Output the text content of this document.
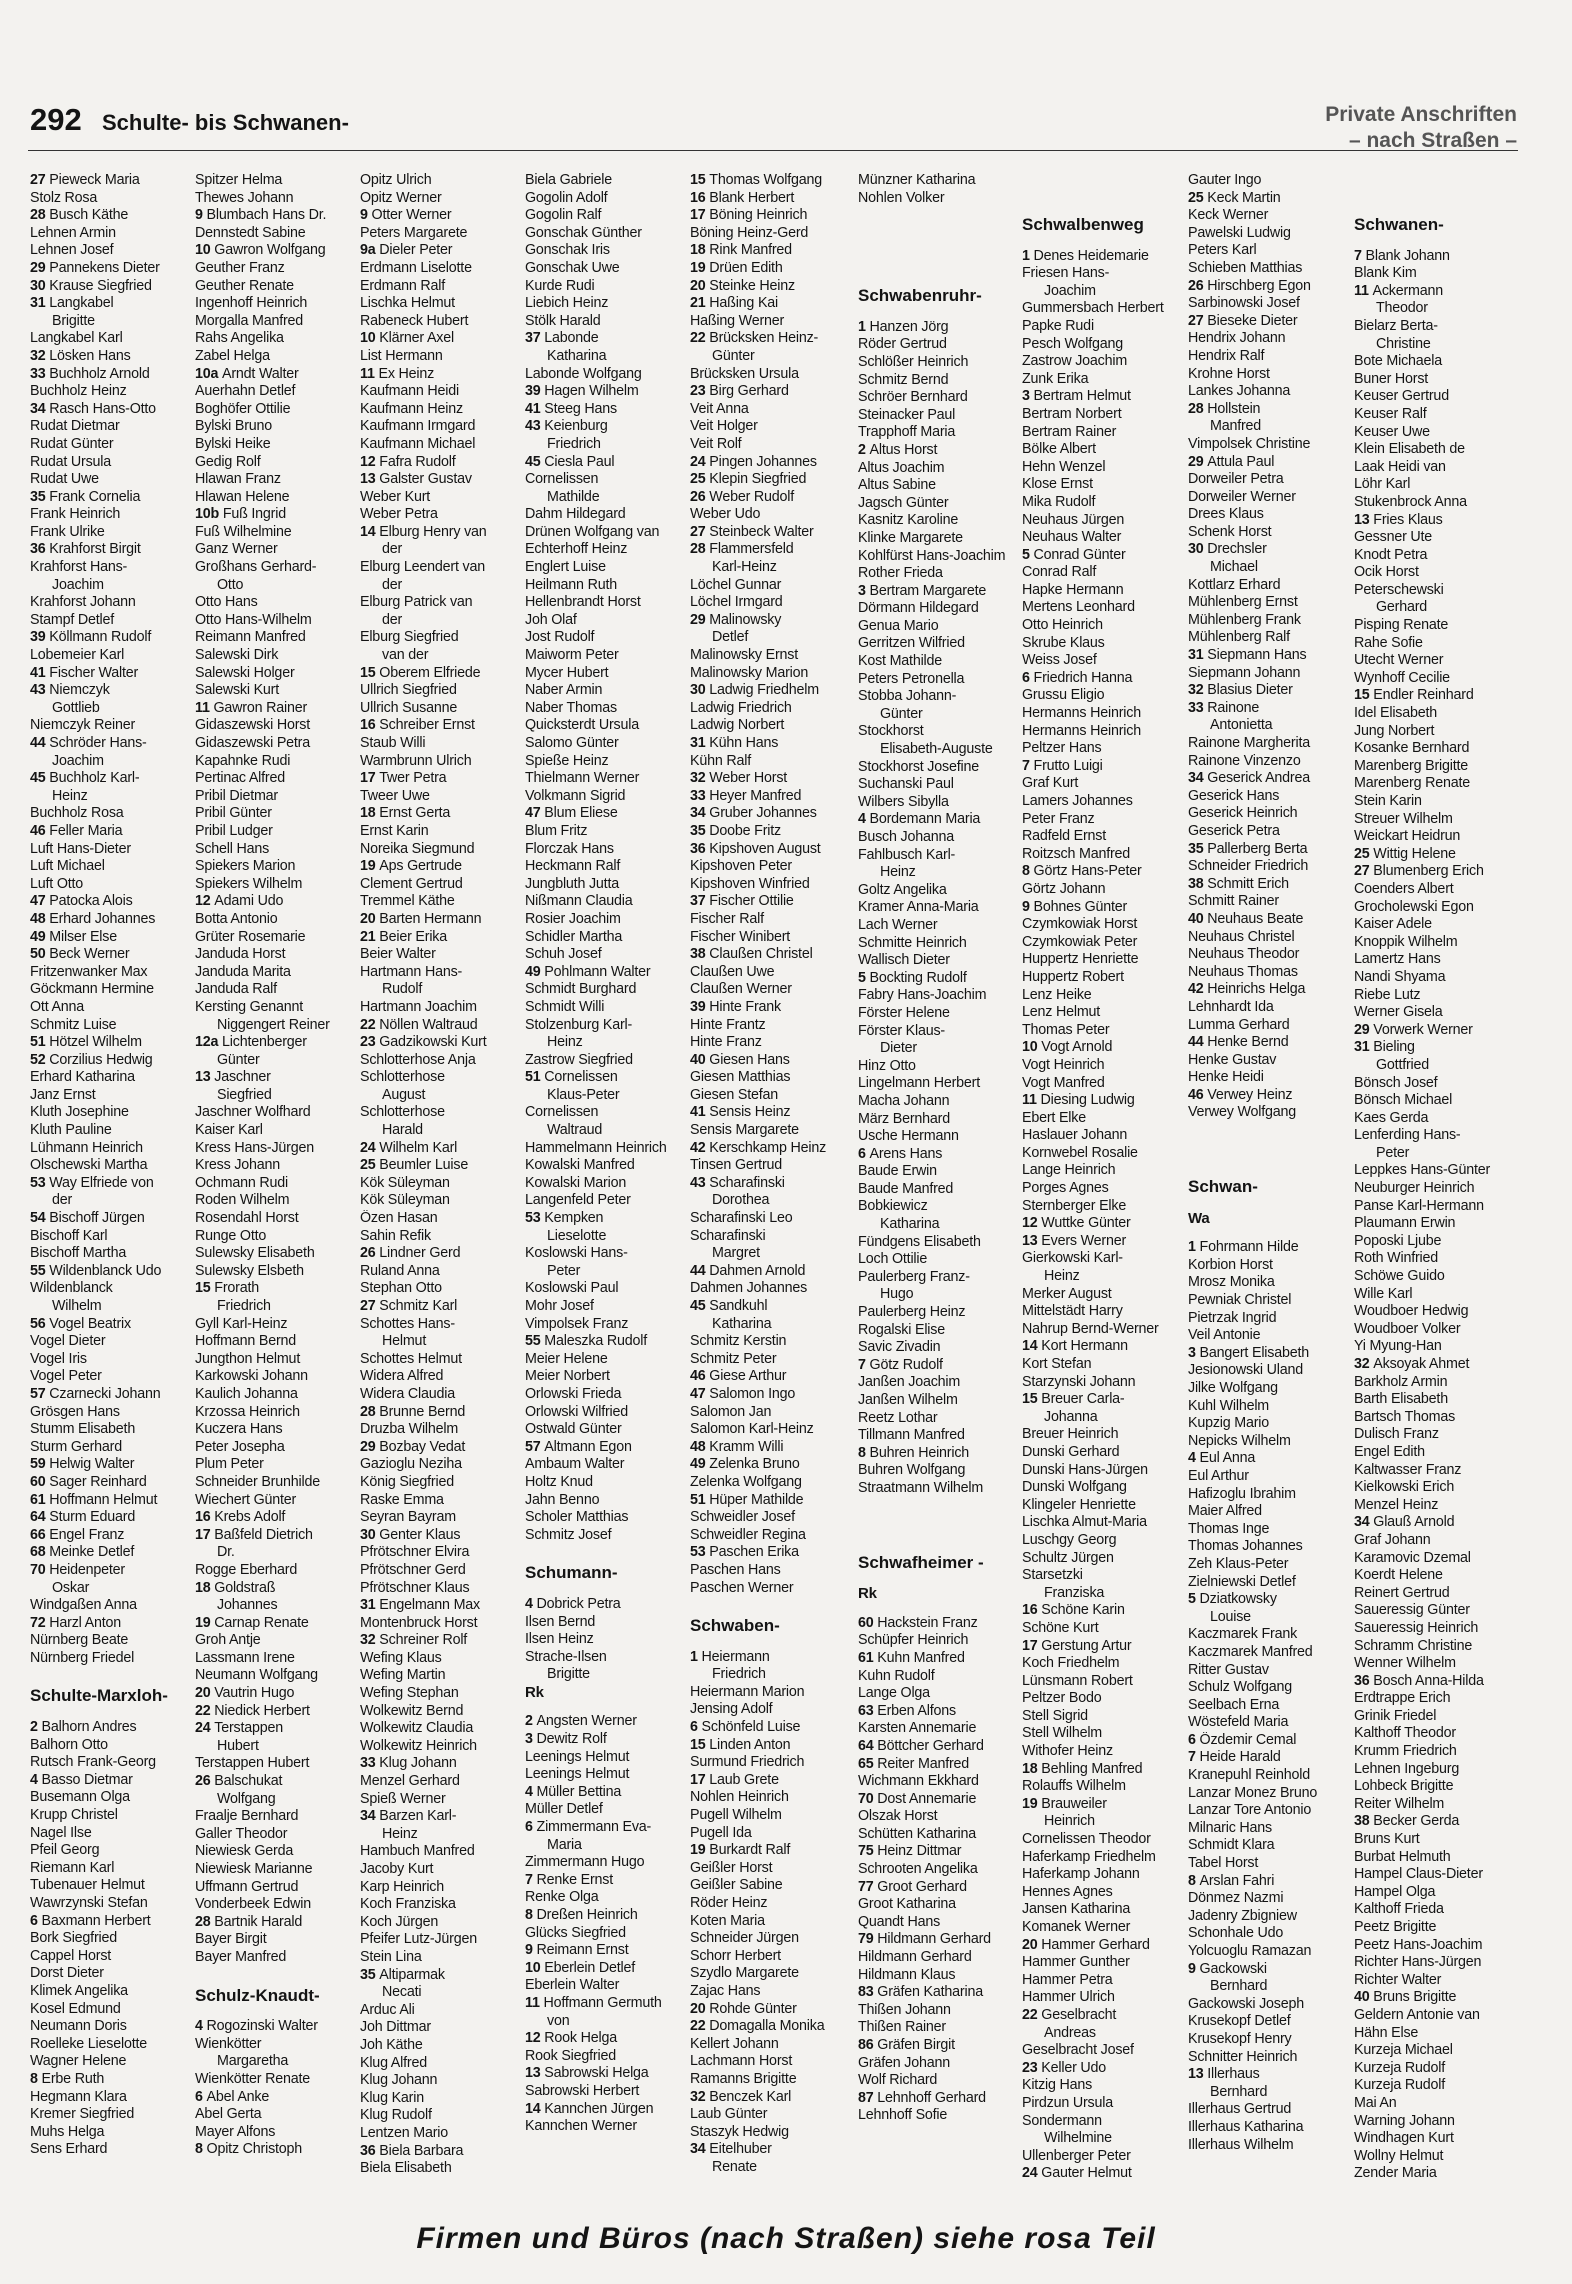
292 Schulte- bis Schwanen-	Private Anschriften
– nach Straßen –
27 Pieweck Maria
Stolz Rosa
28 Busch Käthe
Lehnen Armin
Lehnen Josef
29 Pannekens Dieter
30 Krause Siegfried
31 Langkabel
Brigitte
Langkabel Karl
32 Lösken Hans
33 Buchholz Arnold
Buchholz Heinz
34 Rasch Hans-Otto
Rudat Dietmar
Rudat Günter
Rudat Ursula
Rudat Uwe
35 Frank Cornelia
Frank Heinrich
Frank Ulrike
36 Krahforst Birgit
Krahforst Hans-
Joachim
Krahforst Johann
Stampf Detlef
39 Köllmann Rudolf
Lobemeier Karl
41 Fischer Walter
43 Niemczyk
Gottlieb
Niemczyk Reiner
44 Schröder Hans-
Joachim
45 Buchholz Karl-
Heinz
Buchholz Rosa
46 Feller Maria
Luft Hans-Dieter
Luft Michael
Luft Otto
47 Patocka Alois
48 Erhard Johannes
49 Milser Else
50 Beck Werner
Fritzenwanker Max
Göckmann Hermine
Ott Anna
Schmitz Luise
51 Hötzel Wilhelm
52 Corzilius Hedwig
Erhard Katharina
Janz Ernst
Kluth Josephine
Kluth Pauline
Lühmann Heinrich
Olschewski Martha
53 Way Elfriede von
der
54 Bischoff Jürgen
Bischoff Karl
Bischoff Martha
55 Wildenblanck Udo
Wildenblanck
Wilhelm
56 Vogel Beatrix
Vogel Dieter
Vogel Iris
Vogel Peter
57 Czarnecki Johann
Grösgen Hans
Stumm Elisabeth
Sturm Gerhard
59 Helwig Walter
60 Sager Reinhard
61 Hoffmann Helmut
64 Sturm Eduard
66 Engel Franz
68 Meinke Detlef
70 Heidenpeter
Oskar
Windgaßen Anna
72 Harzl Anton
Nürnberg Beate
Nürnberg Friedel
Schulte-Marxloh-
2 Balhorn Andres
Balhorn Otto
Rutsch Frank-Georg
4 Basso Dietmar
Busemann Olga
Krupp Christel
Nagel Ilse
Pfeil Georg
Riemann Karl
Tubenauer Helmut
Wawrzynski Stefan
6 Baxmann Herbert
Bork Siegfried
Cappel Horst
Dorst Dieter
Klimek Angelika
Kosel Edmund
Neumann Doris
Roelleke Lieselotte
Wagner Helene
8 Erbe Ruth
Hegmann Klara
Kremer Siegfried
Muhs Helga
Sens Erhard
Spitzer Helma
Thewes Johann
9 Blumbach Hans Dr.
Dennstedt Sabine
10 Gawron Wolfgang
Geuther Franz
Geuther Renate
Ingenhoff Heinrich
Morgalla Manfred
Rahs Angelika
Zabel Helga
10a Arndt Walter
Auerhahn Detlef
Boghöfer Ottilie
Bylski Bruno
Bylski Heike
Gedig Rolf
Hlawan Franz
Hlawan Helene
10b Fuß Ingrid
Fuß Wilhelmine
Ganz Werner
Großhans Gerhard-
Otto
Otto Hans
Otto Hans-Wilhelm
Reimann Manfred
Salewski Dirk
Salewski Holger
Salewski Kurt
11 Gawron Rainer
Gidaszewski Horst
Gidaszewski Petra
Kapahnke Rudi
Pertinac Alfred
Pribil Dietmar
Pribil Günter
Pribil Ludger
Schell Hans
Spiekers Marion
Spiekers Wilhelm
12 Adami Udo
Botta Antonio
Grüter Rosemarie
Janduda Horst
Janduda Marita
Janduda Ralf
Kersting Genannt
Niggengert Reiner
12a Lichtenberger
Günter
13 Jaschner
Siegfried
Jaschner Wolfhard
Kaiser Karl
Kress Hans-Jürgen
Kress Johann
Ochmann Rudi
Roden Wilhelm
Rosendahl Horst
Runge Otto
Sulewsky Elisabeth
Sulewsky Elsbeth
15 Frorath
Friedrich
Gyll Karl-Heinz
Hoffmann Bernd
Jungthon Helmut
Karkowski Johann
Kaulich Johanna
Krzossa Heinrich
Kuczera Hans
Peter Josepha
Plum Peter
Schneider Brunhilde
Wiechert Günter
16 Krebs Adolf
17 Baßfeld Dietrich
Dr.
Rogge Eberhard
18 Goldstraß
Johannes
19 Carnap Renate
Groh Antje
Lassmann Irene
Neumann Wolfgang
20 Vautrin Hugo
22 Niedick Herbert
24 Terstappen
Hubert
Terstappen Hubert
26 Balschukat
Wolfgang
Fraalje Bernhard
Galler Theodor
Niewiesk Gerda
Niewiesk Marianne
Uffmann Gertrud
Vonderbeek Edwin
28 Bartnik Harald
Bayer Birgit
Bayer Manfred
Schulz-Knaudt-
4 Rogozinski Walter
Wienkötter
Margaretha
Wienkötter Renate
6 Abel Anke
Abel Gerta
Mayer Alfons
8 Opitz Christoph
Opitz Ulrich
Opitz Werner
9 Otter Werner
Peters Margarete
9a Dieler Peter
Erdmann Liselotte
Erdmann Ralf
Lischka Helmut
Rabeneck Hubert
10 Klärner Axel
List Hermann
11 Ex Heinz
Kaufmann Heidi
Kaufmann Heinz
Kaufmann Irmgard
Kaufmann Michael
12 Fafra Rudolf
13 Galster Gustav
Weber Kurt
Weber Petra
14 Elburg Henry van
der
Elburg Leendert van
der
Elburg Patrick van
der
Elburg Siegfried
van der
15 Oberem Elfriede
Ullrich Siegfried
Ullrich Susanne
16 Schreiber Ernst
Staub Willi
Warmbrunn Ulrich
17 Twer Petra
Tweer Uwe
18 Ernst Gerta
Ernst Karin
Noreika Siegmund
19 Aps Gertrude
Clement Gertrud
Tremmel Käthe
20 Barten Hermann
21 Beier Erika
Beier Walter
Hartmann Hans-
Rudolf
Hartmann Joachim
22 Nöllen Waltraud
23 Gadzikowski Kurt
Schlotterhose Anja
Schlotterhose
August
Schlotterhose
Harald
24 Wilhelm Karl
25 Beumler Luise
Kök Süleyman
Kök Süleyman
Özen Hasan
Sahin Refik
26 Lindner Gerd
Ruland Anna
Stephan Otto
27 Schmitz Karl
Schottes Hans-
Helmut
Schottes Helmut
Widera Alfred
Widera Claudia
28 Brunne Bernd
Druzba Wilhelm
29 Bozbay Vedat
Gazioglu Neziha
König Siegfried
Raske Emma
Seyran Bayram
30 Genter Klaus
Pfrötschner Elvira
Pfrötschner Gerd
Pfrötschner Klaus
31 Engelmann Max
Montenbruck Horst
32 Schreiner Rolf
Wefing Klaus
Wefing Martin
Wefing Stephan
Wolkewitz Bernd
Wolkewitz Claudia
Wolkewitz Heinrich
33 Klug Johann
Menzel Gerhard
Spieß Werner
34 Barzen Karl-
Heinz
Hambuch Manfred
Jacoby Kurt
Karp Heinrich
Koch Franziska
Koch Jürgen
Pfeifer Lutz-Jürgen
Stein Lina
35 Altiparmak
Necati
Arduc Ali
Joh Dittmar
Joh Käthe
Klug Alfred
Klug Johann
Klug Karin
Klug Rudolf
Lentzen Mario
36 Biela Barbara
Biela Elisabeth
Biela Gabriele
Gogolin Adolf
Gogolin Ralf
Gonschak Günther
Gonschak Iris
Gonschak Uwe
Kurde Rudi
Liebich Heinz
Stölk Harald
37 Labonde
Katharina
Labonde Wolfgang
39 Hagen Wilhelm
41 Steeg Hans
43 Keienburg
Friedrich
45 Ciesla Paul
Cornelissen
Mathilde
Dahm Hildegard
Drünen Wolfgang van
Echterhoff Heinz
Englert Luise
Heilmann Ruth
Hellenbrandt Horst
Joh Olaf
Jost Rudolf
Maiworm Peter
Mycer Hubert
Naber Armin
Naber Thomas
Quicksterdt Ursula
Salomo Günter
Spieße Heinz
Thielmann Werner
Volkmann Sigrid
47 Blum Eliese
Blum Fritz
Florczak Hans
Heckmann Ralf
Jungbluth Jutta
Nißmann Claudia
Rosier Joachim
Schidler Martha
Schuh Josef
49 Pohlmann Walter
Schmidt Burghard
Schmidt Willi
Stolzenburg Karl-
Heinz
Zastrow Siegfried
51 Cornelissen
Klaus-Peter
Cornelissen
Waltraud
Hammelmann Heinrich
Kowalski Manfred
Kowalski Marion
Langenfeld Peter
53 Kempken
Lieselotte
Koslowski Hans-
Peter
Koslowski Paul
Mohr Josef
Vimpolsek Franz
55 Maleszka Rudolf
Meier Helene
Meier Norbert
Orlowski Frieda
Orlowski Wilfried
Ostwald Günter
57 Altmann Egon
Ambaum Walter
Holtz Knud
Jahn Benno
Scholer Matthias
Schmitz Josef
Schumann-
4 Dobrick Petra
Ilsen Bernd
Ilsen Heinz
Strache-Ilsen
Brigitte
Rk
2 Angsten Werner
3 Dewitz Rolf
Leenings Helmut
Leenings Helmut
4 Müller Bettina
Müller Detlef
6 Zimmermann Eva-
Maria
Zimmermann Hugo
7 Renke Ernst
Renke Olga
8 Dreßen Heinrich
Glücks Siegfried
9 Reimann Ernst
10 Eberlein Detlef
Eberlein Walter
11 Hoffmann Germuth
von
12 Rook Helga
Rook Siegfried
13 Sabrowski Helga
Sabrowski Herbert
14 Kannchen Jürgen
Kannchen Werner
15 Thomas Wolfgang
16 Blank Herbert
17 Böning Heinrich
Böning Heinz-Gerd
18 Rink Manfred
19 Drüen Edith
20 Steinke Heinz
21 Haßing Kai
Haßing Werner
22 Brücksken Heinz-
Günter
Brücksken Ursula
23 Birg Gerhard
Veit Anna
Veit Holger
Veit Rolf
24 Pingen Johannes
25 Klepin Siegfried
26 Weber Rudolf
Weber Udo
27 Steinbeck Walter
28 Flammersfeld
Karl-Heinz
Löchel Gunnar
Löchel Irmgard
29 Malinowsky
Detlef
Malinowsky Ernst
Malinowsky Marion
30 Ladwig Friedhelm
Ladwig Friedrich
Ladwig Norbert
31 Kühn Hans
Kühn Ralf
32 Weber Horst
33 Heyer Manfred
34 Gruber Johannes
35 Doobe Fritz
36 Kipshoven August
Kipshoven Peter
Kipshoven Winfried
37 Fischer Ottilie
Fischer Ralf
Fischer Winibert
38 Claußen Christel
Claußen Uwe
Claußen Werner
39 Hinte Frank
Hinte Frantz
Hinte Franz
40 Giesen Hans
Giesen Matthias
Giesen Stefan
41 Sensis Heinz
Sensis Margarete
42 Kerschkamp Heinz
Tinsen Gertrud
43 Scharafinski
Dorothea
Scharafinski Leo
Scharafinski
Margret
44 Dahmen Arnold
Dahmen Johannes
45 Sandkuhl
Katharina
Schmitz Kerstin
Schmitz Peter
46 Giese Arthur
47 Salomon Ingo
Salomon Jan
Salomon Karl-Heinz
48 Kramm Willi
49 Zelenka Bruno
Zelenka Wolfgang
51 Hüper Mathilde
Schweidler Josef
Schweidler Regina
53 Paschen Erika
Paschen Hans
Paschen Werner
Schwaben-
1 Heiermann
Friedrich
Heiermann Marion
Jensing Adolf
6 Schönfeld Luise
15 Linden Anton
Surmund Friedrich
17 Laub Grete
Nohlen Heinrich
Pugell Wilhelm
Pugell Ida
19 Burkardt Ralf
Geißler Horst
Geißler Sabine
Röder Heinz
Koten Maria
Schneider Jürgen
Schorr Herbert
Szydlo Margarete
Zajac Hans
20 Rohde Günter
22 Domagalla Monika
Kellert Johann
Lachmann Horst
Ramanns Brigitte
32 Benczek Karl
Laub Günter
Staszyk Hedwig
34 Eitelhuber
Renate
Münzner Katharina
Nohlen Volker
Schwabenruhr-
1 Hanzen Jörg
Röder Gertrud
Schlößer Heinrich
Schmitz Bernd
Schröer Bernhard
Steinacker Paul
Trapphoff Maria
2 Altus Horst
Altus Joachim
Altus Sabine
Jagsch Günter
Kasnitz Karoline
Klinke Margarete
Kohlfürst Hans-Joachim
Rother Frieda
3 Bertram Margarete
Dörmann Hildegard
Genua Mario
Gerritzen Wilfried
Kost Mathilde
Peters Petronella
Stobba Johann-
Günter
Stockhorst
Elisabeth-Auguste
Stockhorst Josefine
Suchanski Paul
Wilbers Sibylla
4 Bordemann Maria
Busch Johanna
Fahlbusch Karl-
Heinz
Goltz Angelika
Kramer Anna-Maria
Lach Werner
Schmitte Heinrich
Wallisch Dieter
5 Bockting Rudolf
Fabry Hans-Joachim
Förster Helene
Förster Klaus-
Dieter
Hinz Otto
Lingelmann Herbert
Macha Johann
März Bernhard
Usche Hermann
6 Arens Hans
Baude Erwin
Baude Manfred
Bobkiewicz
Katharina
Fündgens Elisabeth
Loch Ottilie
Paulerberg Franz-
Hugo
Paulerberg Heinz
Rogalski Elise
Savic Zivadin
7 Götz Rudolf
Janßen Joachim
Janßen Wilhelm
Reetz Lothar
Tillmann Manfred
8 Buhren Heinrich
Buhren Wolfgang
Straatmann Wilhelm
Schwafheimer -
Rk
60 Hackstein Franz
Schüpfer Heinrich
61 Kuhn Manfred
Kuhn Rudolf
Lange Olga
63 Erben Alfons
Karsten Annemarie
64 Böttcher Gerhard
65 Reiter Manfred
Wichmann Ekkhard
70 Dost Annemarie
Olszak Horst
Schütten Katharina
75 Heinz Dittmar
Schrooten Angelika
77 Groot Gerhard
Groot Katharina
Quandt Hans
79 Hildmann Gerhard
Hildmann Gerhard
Hildmann Klaus
83 Gräfen Katharina
Thißen Johann
Thißen Rainer
86 Gräfen Birgit
Gräfen Johann
Wolf Richard
87 Lehnhoff Gerhard
Lehnhoff Sofie
Schwalbenweg
1 Denes Heidemarie
Friesen Hans-
Joachim
Gummersbach Herbert
Papke Rudi
Pesch Wolfgang
Zastrow Joachim
Zunk Erika
3 Bertram Helmut
Bertram Norbert
Bertram Rainer
Bölke Albert
Hehn Wenzel
Klose Ernst
Mika Rudolf
Neuhaus Jürgen
Neuhaus Walter
5 Conrad Günter
Conrad Ralf
Hapke Hermann
Mertens Leonhard
Otto Heinrich
Skrube Klaus
Weiss Josef
6 Friedrich Hanna
Grussu Eligio
Hermanns Heinrich
Hermanns Heinrich
Peltzer Hans
7 Frutto Luigi
Graf Kurt
Lamers Johannes
Peter Franz
Radfeld Ernst
Roitzsch Manfred
8 Görtz Hans-Peter
Görtz Johann
9 Bohnes Günter
Czymkowiak Horst
Czymkowiak Peter
Huppertz Henriette
Huppertz Robert
Lenz Heike
Lenz Helmut
Thomas Peter
10 Vogt Arnold
Vogt Heinrich
Vogt Manfred
11 Diesing Ludwig
Ebert Elke
Haslauer Johann
Kornwebel Rosalie
Lange Heinrich
Porges Agnes
Sternberger Elke
12 Wuttke Günter
13 Evers Werner
Gierkowski Karl-
Heinz
Merker August
Mittelstädt Harry
Nahrup Bernd-Werner
14 Kort Hermann
Kort Stefan
Starzynski Johann
15 Breuer Carla-
Johanna
Breuer Heinrich
Dunski Gerhard
Dunski Hans-Jürgen
Dunski Wolfgang
Klingeler Henriette
Lischka Almut-Maria
Luschgy Georg
Schultz Jürgen
Starsetzki
Franziska
16 Schöne Karin
Schöne Kurt
17 Gerstung Artur
Koch Friedhelm
Lünsmann Robert
Peltzer Bodo
Stell Sigrid
Stell Wilhelm
Withofer Heinz
18 Behling Manfred
Rolauffs Wilhelm
19 Brauweiler
Heinrich
Cornelissen Theodor
Haferkamp Friedhelm
Haferkamp Johann
Hennes Agnes
Jansen Katharina
Komanek Werner
20 Hammer Gerhard
Hammer Gunther
Hammer Petra
Hammer Ulrich
22 Geselbracht
Andreas
Geselbracht Josef
23 Keller Udo
Kitzig Hans
Pirdzun Ursula
Sondermann
Wilhelmine
Ullenberger Peter
24 Gauter Helmut
Gauter Ingo
25 Keck Martin
Keck Werner
Pawelski Ludwig
Peters Karl
Schieben Matthias
26 Hirschberg Egon
Sarbinowski Josef
27 Bieseke Dieter
Hendrix Johann
Hendrix Ralf
Krohne Horst
Lankes Johanna
28 Hollstein
Manfred
Vimpolsek Christine
29 Attula Paul
Dorweiler Petra
Dorweiler Werner
Drees Klaus
Schenk Horst
30 Drechsler
Michael
Kottlarz Erhard
Mühlenberg Ernst
Mühlenberg Frank
Mühlenberg Ralf
31 Siepmann Hans
Siepmann Johann
32 Blasius Dieter
33 Rainone
Antonietta
Rainone Margherita
Rainone Vinzenzo
34 Geserick Andrea
Geserick Hans
Geserick Heinrich
Geserick Petra
35 Pallerberg Berta
Schneider Friedrich
38 Schmitt Erich
Schmitt Rainer
40 Neuhaus Beate
Neuhaus Christel
Neuhaus Theodor
Neuhaus Thomas
42 Heinrichs Helga
Lehnhardt Ida
Lumma Gerhard
44 Henke Bernd
Henke Gustav
Henke Heidi
46 Verwey Heinz
Verwey Wolfgang
Schwan-
Wa
1 Fohrmann Hilde
Korbion Horst
Mrosz Monika
Pewniak Christel
Pietrzak Ingrid
Veil Antonie
3 Bangert Elisabeth
Jesionowski Uland
Jilke Wolfgang
Kuhl Wilhelm
Kupzig Mario
Nepicks Wilhelm
4 Eul Anna
Eul Arthur
Hafizoglu Ibrahim
Maier Alfred
Thomas Inge
Thomas Johannes
Zeh Klaus-Peter
Zielniewski Detlef
5 Dziatkowsky
Louise
Kaczmarek Frank
Kaczmarek Manfred
Ritter Gustav
Schulz Wolfgang
Seelbach Erna
Wöstefeld Maria
6 Özdemir Cemal
7 Heide Harald
Kranepuhl Reinhold
Lanzar Monez Bruno
Lanzar Tore Antonio
Milnaric Hans
Schmidt Klara
Tabel Horst
8 Arslan Fahri
Dönmez Nazmi
Jadenry Zbigniew
Schonhale Udo
Yolcuoglu Ramazan
9 Gackowski
Bernhard
Gackowski Joseph
Krusekopf Detlef
Krusekopf Henry
Schnitter Heinrich
13 Illerhaus
Bernhard
Illerhaus Gertrud
Illerhaus Katharina
Illerhaus Wilhelm
Schwanen-
7 Blank Johann
Blank Kim
11 Ackermann
Theodor
Bielarz Berta-
Christine
Bote Michaela
Buner Horst
Keuser Gertrud
Keuser Ralf
Keuser Uwe
Klein Elisabeth de
Laak Heidi van
Löhr Karl
Stukenbrock Anna
13 Fries Klaus
Gessner Ute
Knodt Petra
Ocik Horst
Peterschewski
Gerhard
Pisping Renate
Rahe Sofie
Utecht Werner
Wynhoff Cecilie
15 Endler Reinhard
Idel Elisabeth
Jung Norbert
Kosanke Bernhard
Marenberg Brigitte
Marenberg Renate
Stein Karin
Streuer Wilhelm
Weickart Heidrun
25 Wittig Helene
27 Blumenberg Erich
Coenders Albert
Grocholewski Egon
Kaiser Adele
Knoppik Wilhelm
Lamertz Hans
Nandi Shyama
Riebe Lutz
Werner Gisela
29 Vorwerk Werner
31 Bieling
Gottfried
Bönsch Josef
Bönsch Michael
Kaes Gerda
Lenferding Hans-
Peter
Leppkes Hans-Günter
Neuburger Heinrich
Panse Karl-Hermann
Plaumann Erwin
Poposki Ljube
Roth Winfried
Schöwe Guido
Wille Karl
Woudboer Hedwig
Woudboer Volker
Yi Myung-Han
32 Aksoyak Ahmet
Barkholz Armin
Barth Elisabeth
Bartsch Thomas
Dulisch Franz
Engel Edith
Kaltwasser Franz
Kielkowski Erich
Menzel Heinz
34 Glauß Arnold
Graf Johann
Karamovic Dzemal
Koerdt Helene
Reinert Gertrud
Saueressig Günter
Saueressig Heinrich
Schramm Christine
Wenner Wilhelm
36 Bosch Anna-Hilda
Erdtrappe Erich
Grinik Friedel
Kalthoff Theodor
Krumm Friedrich
Lehnen Ingeburg
Lohbeck Brigitte
Reiter Wilhelm
38 Becker Gerda
Bruns Kurt
Burbat Helmuth
Hampel Claus-Dieter
Hampel Olga
Kalthoff Frieda
Peetz Brigitte
Peetz Hans-Joachim
Richter Hans-Jürgen
Richter Walter
40 Bruns Brigitte
Geldern Antonie van
Hähn Else
Kurzeja Michael
Kurzeja Rudolf
Kurzeja Rudolf
Mai An
Warning Johann
Windhagen Kurt
Wollny Helmut
Zender Maria
Firmen und Büros (nach Straßen) siehe rosa Teil
